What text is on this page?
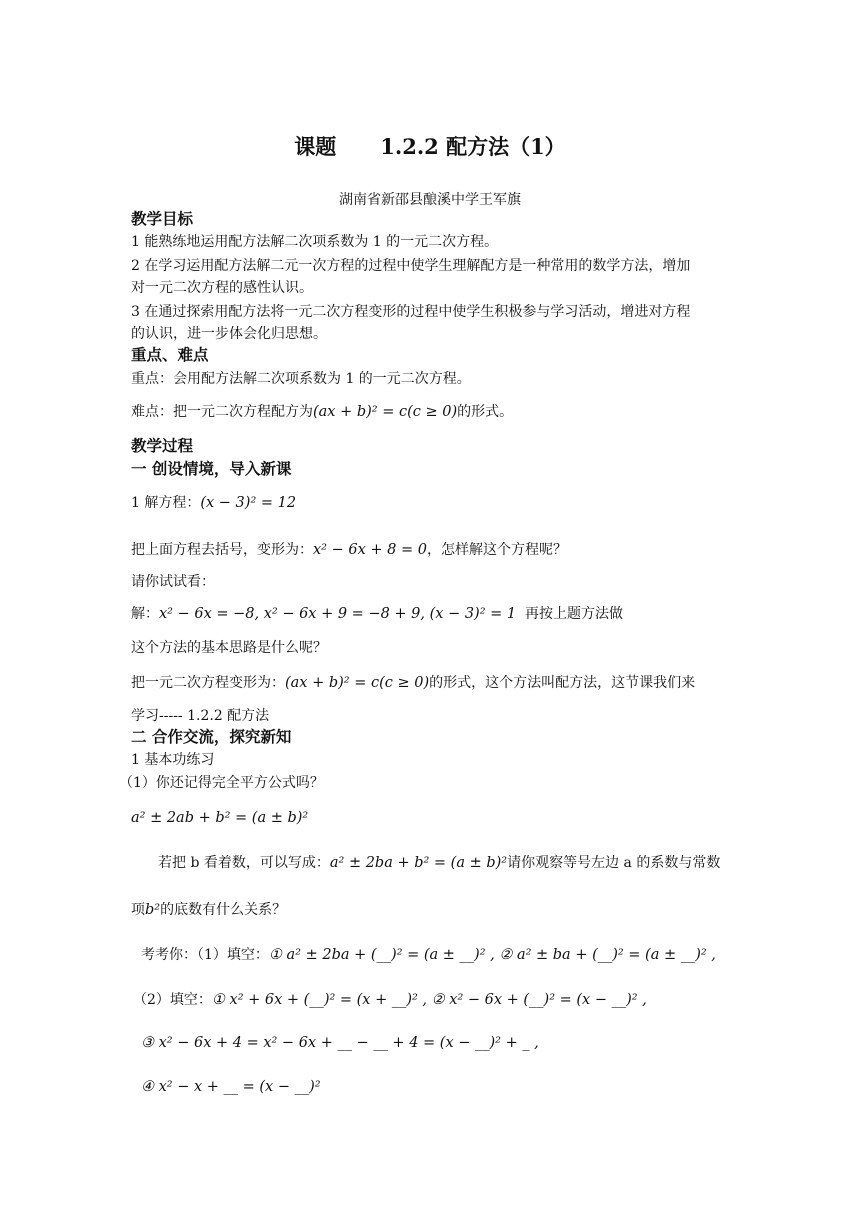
课题 1.2.2 配方法（1）
湖南省新邵县酿溪中学王军旗
教学目标
1 能熟练地运用配方法解二次项系数为 1 的一元二次方程。
2 在学习运用配方法解二元一次方程的过程中使学生理解配方是一种常用的数学方法，增加
对一元二次方程的感性认识。
3 在通过探索用配方法将一元二次方程变形的过程中使学生积极参与学习活动，增进对方程
的认识，进一步体会化归思想。
重点、难点
重点：会用配方法解二次项系数为 1 的一元二次方程。
难点：把一元二次方程配方为(ax + b)² = c(c ≥ 0)的形式。
教学过程
一 创设情境，导入新课
1 解方程：(x − 3)² = 12
把上面方程去括号，变形为：x² − 6x + 8 = 0，怎样解这个方程呢？
请你试试看：
解：x² − 6x = −8, x² − 6x + 9 = −8 + 9, (x − 3)² = 1 再按上题方法做
这个方法的基本思路是什么呢？
把一元二次方程变形为：(ax + b)² = c(c ≥ 0)的形式，这个方法叫配方法，这节课我们来
学习----- 1.2.2 配方法
二 合作交流，探究新知
1 基本功练习
（1）你还记得完全平方公式吗？
a² ± 2ab + b² = (a ± b)²
若把 b 看着数，可以写成：a² ± 2ba + b² = (a ± b)²请你观察等号左边 a 的系数与常数
项b²的底数有什么关系？
考考你：（1）填空：① a² ± 2ba + (__)² = (a ± __)² , ② a² ± ba + (__)² = (a ± __)² ,
（2）填空：① x² + 6x + (__)² = (x + __)² , ② x² − 6x + (__)² = (x − __)² ,
③ x² − 6x + 4 = x² − 6x + __ − __ + 4 = (x − __)² + _ ,
④ x² − x + __ = (x − __)²
